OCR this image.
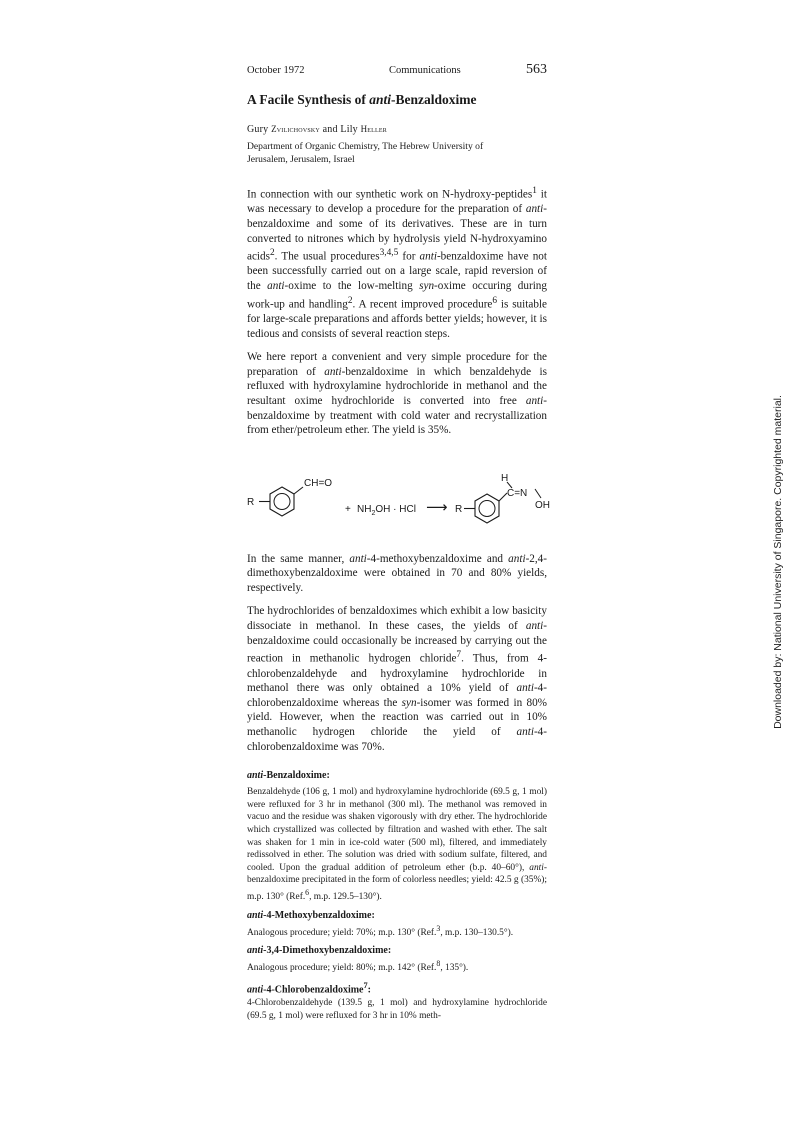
October 1972	Communications	563
A Facile Synthesis of anti-Benzaldoxime
Gury Zvilichovsky and Lily Heller
Department of Organic Chemistry, The Hebrew University of
Jerusalem, Jerusalem, Israel

In connection with our synthetic work on N-hydroxy-peptides$^1$ it was necessary to develop a procedure for the preparation of anti-benzaldoxime and some of its derivatives. These are in turn converted to nitrones which by hydrolysis yield N-hydroxyamino acids$^2$. The usual procedures$^{3,4,5}$ for anti-benzaldoxime have not been successfully carried out on a large scale, rapid reversion of the anti-oxime to the low-melting syn-oxime occuring during work-up and handling$^2$. A recent improved procedure$^6$ is suitable for large-scale preparations and affords better yields; however, it is tedious and consists of several reaction steps.

We here report a convenient and very simple procedure for the preparation of anti-benzaldoxime in which benzaldehyde is refluxed with hydroxylamine hydrochloride in methanol and the resultant oxime hydrochloride is converted into free anti-benzaldoxime by treatment with cold water and recrystallization from ether/petroleum ether. The yield is 35%.

R
CH=O
+ $NH_2OH$ · HCl ⟶ R
H
C=N
OH

In the same manner, anti-4-methoxybenzaldoxime and anti-2,4-dimethoxybenzaldoxime were obtained in 70 and 80% yields, respectively.

The hydrochlorides of benzaldoximes which exhibit a low basicity dissociate in methanol. In these cases, the yields of anti-benzaldoxime could occasionally be increased by carrying out the reaction in methanolic hydrogen chloride$^7$. Thus, from 4-chlorobenzaldehyde and hydroxylamine hydrochloride in methanol there was only obtained a 10% yield of anti-4-chlorobenzaldoxime whereas the syn-isomer was formed in 80% yield. However, when the reaction was carried out in 10% methanolic hydrogen chloride the yield of anti-4-chlorobenzaldoxime was 70%.

anti-Benzaldoxime:

Benzaldehyde (106 g, 1 mol) and hydroxylamine hydrochloride (69.5 g, 1 mol) were refluxed for 3 hr in methanol (300 ml). The methanol was removed in vacuo and the residue was shaken vigorously with dry ether. The hydrochloride which crystallized was collected by filtration and washed with ether. The salt was shaken for 1 min in ice-cold water (500 ml), filtered, and immediately redissolved in ether. The solution was dried with sodium sulfate, filtered, and cooled. Upon the gradual addition of petroleum ether (b.p. 40–60°), anti-benzaldoxime precipitated in the form of colorless needles; yield: 42.5 g (35%); m.p. 130° (Ref.$^6$, m.p. 129.5–130°).

anti-4-Methoxybenzaldoxime:

Analogous procedure; yield: 70%; m.p. 130° (Ref.$^3$, m.p. 130–130.5°).

anti-3,4-Dimethoxybenzaldoxime:

Analogous procedure; yield: 80%; m.p. 142° (Ref.$^8$, 135°).

anti-4-Chlorobenzaldoxime$^7$:

4-Chlorobenzaldehyde (139.5 g, 1 mol) and hydroxylamine hydrochloride (69.5 g, 1 mol) were refluxed for 3 hr in 10% meth-

Downloaded by: National University of Singapore. Copyrighted material.
